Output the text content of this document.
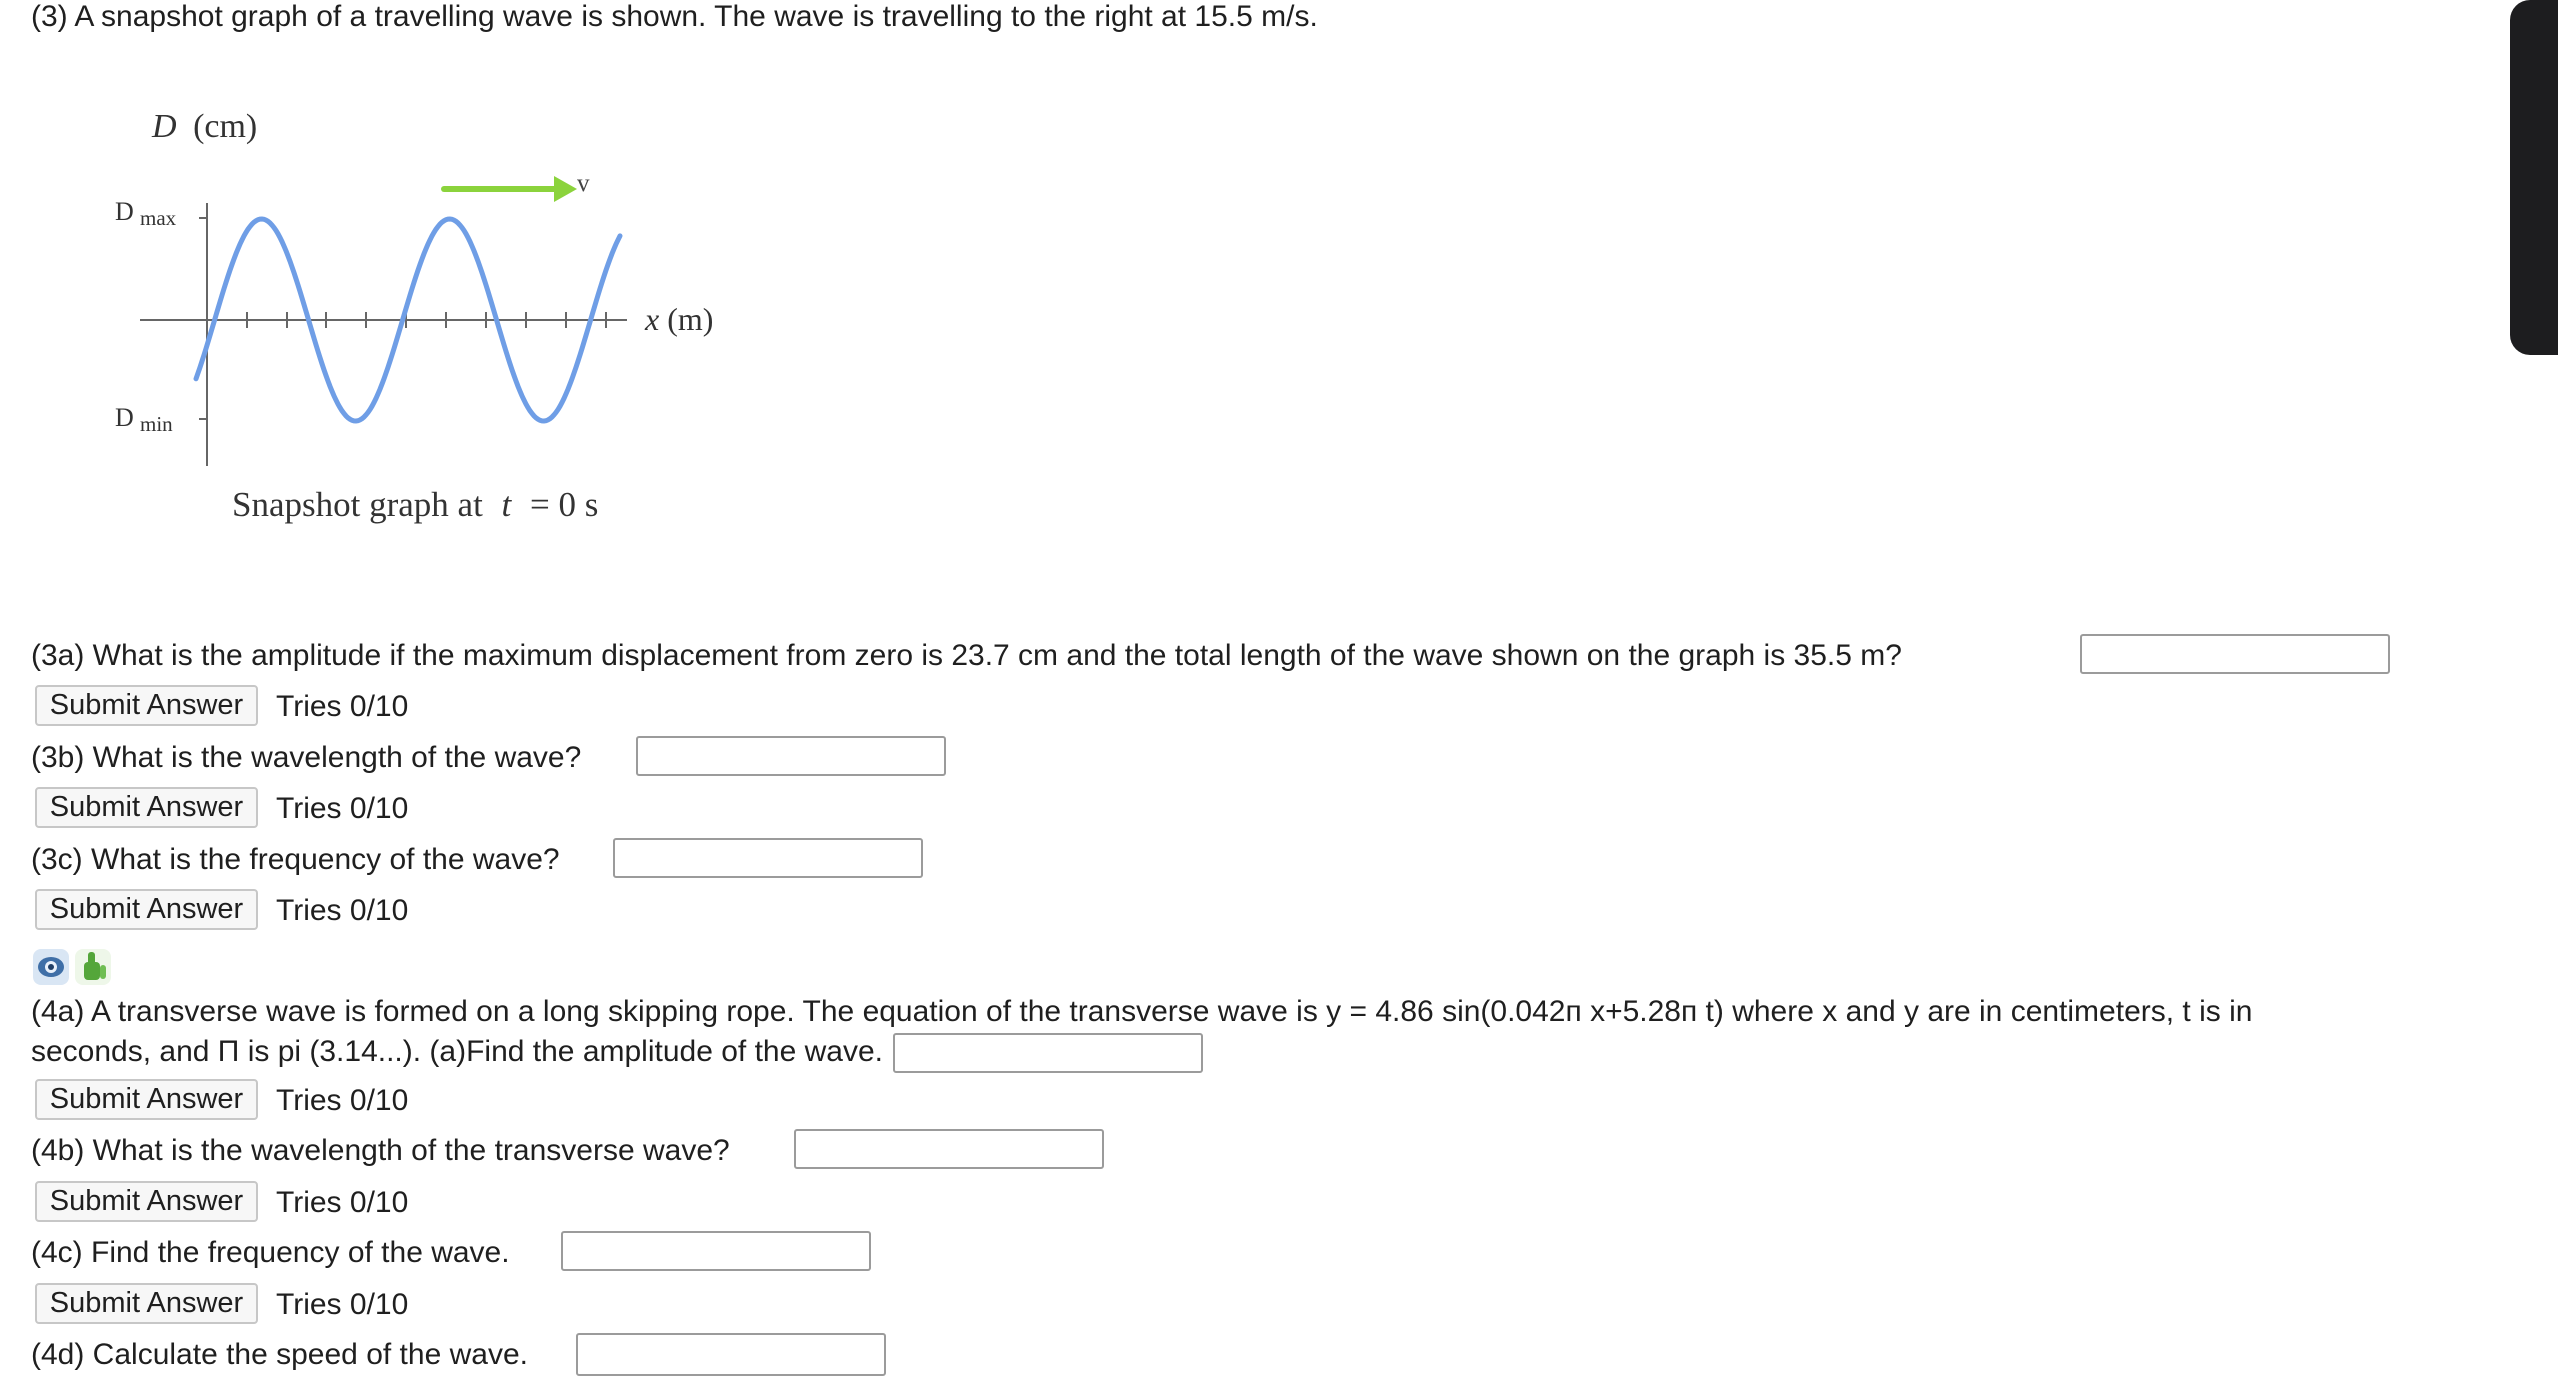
(3) A snapshot graph of a travelling wave is shown. The wave is travelling to the right at 15.5 m/s.
D (cm)
v
D max
D min
x (m)
Snapshot graph at t = 0 s
(3a) What is the amplitude if the maximum displacement from zero is 23.7 cm and the total length of the wave shown on the graph is 35.5 m?
Submit Answer	Tries 0/10
(3b) What is the wavelength of the wave?
Submit Answer	Tries 0/10
(3c) What is the frequency of the wave?
Submit Answer	Tries 0/10
(4a) A transverse wave is formed on a long skipping rope. The equation of the transverse wave is y = 4.86 sin(0.042п x+5.28п t) where x and y are in centimeters, t is in
seconds, and П is pi (3.14...). (a)Find the amplitude of the wave.
Submit Answer	Tries 0/10
(4b) What is the wavelength of the transverse wave?
Submit Answer	Tries 0/10
(4c) Find the frequency of the wave.
Submit Answer	Tries 0/10
(4d) Calculate the speed of the wave.
